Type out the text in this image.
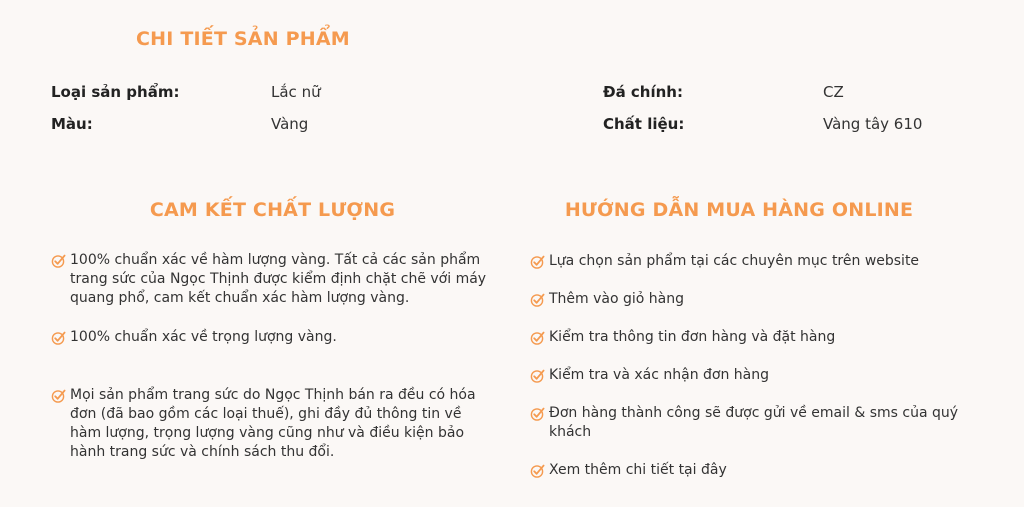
CHI TIẾT SẢN PHẨM
Loại sản phẩm:	Lắc nữ
Màu:	Vàng
Đá chính:	CZ
Chất liệu:	Vàng tây 610
CAM KẾT CHẤT LƯỢNG
100% chuẩn xác về hàm lượng vàng. Tất cả các sản phẩm trang sức của Ngọc Thịnh được kiểm định chặt chẽ với máy quang phổ, cam kết chuẩn xác hàm lượng vàng.
100% chuẩn xác về trọng lượng vàng.
Mọi sản phẩm trang sức do Ngọc Thịnh bán ra đều có hóa đơn (đã bao gồm các loại thuế), ghi đầy đủ thông tin về hàm lượng, trọng lượng vàng cũng như và điều kiện bảo hành trang sức và chính sách thu đổi.
HƯỚNG DẪN MUA HÀNG ONLINE
Lựa chọn sản phẩm tại các chuyên mục trên website
Thêm vào giỏ hàng
Kiểm tra thông tin đơn hàng và đặt hàng
Kiểm tra và xác nhận đơn hàng
Đơn hàng thành công sẽ được gửi về email & sms của quý khách
Xem thêm chi tiết tại đây
